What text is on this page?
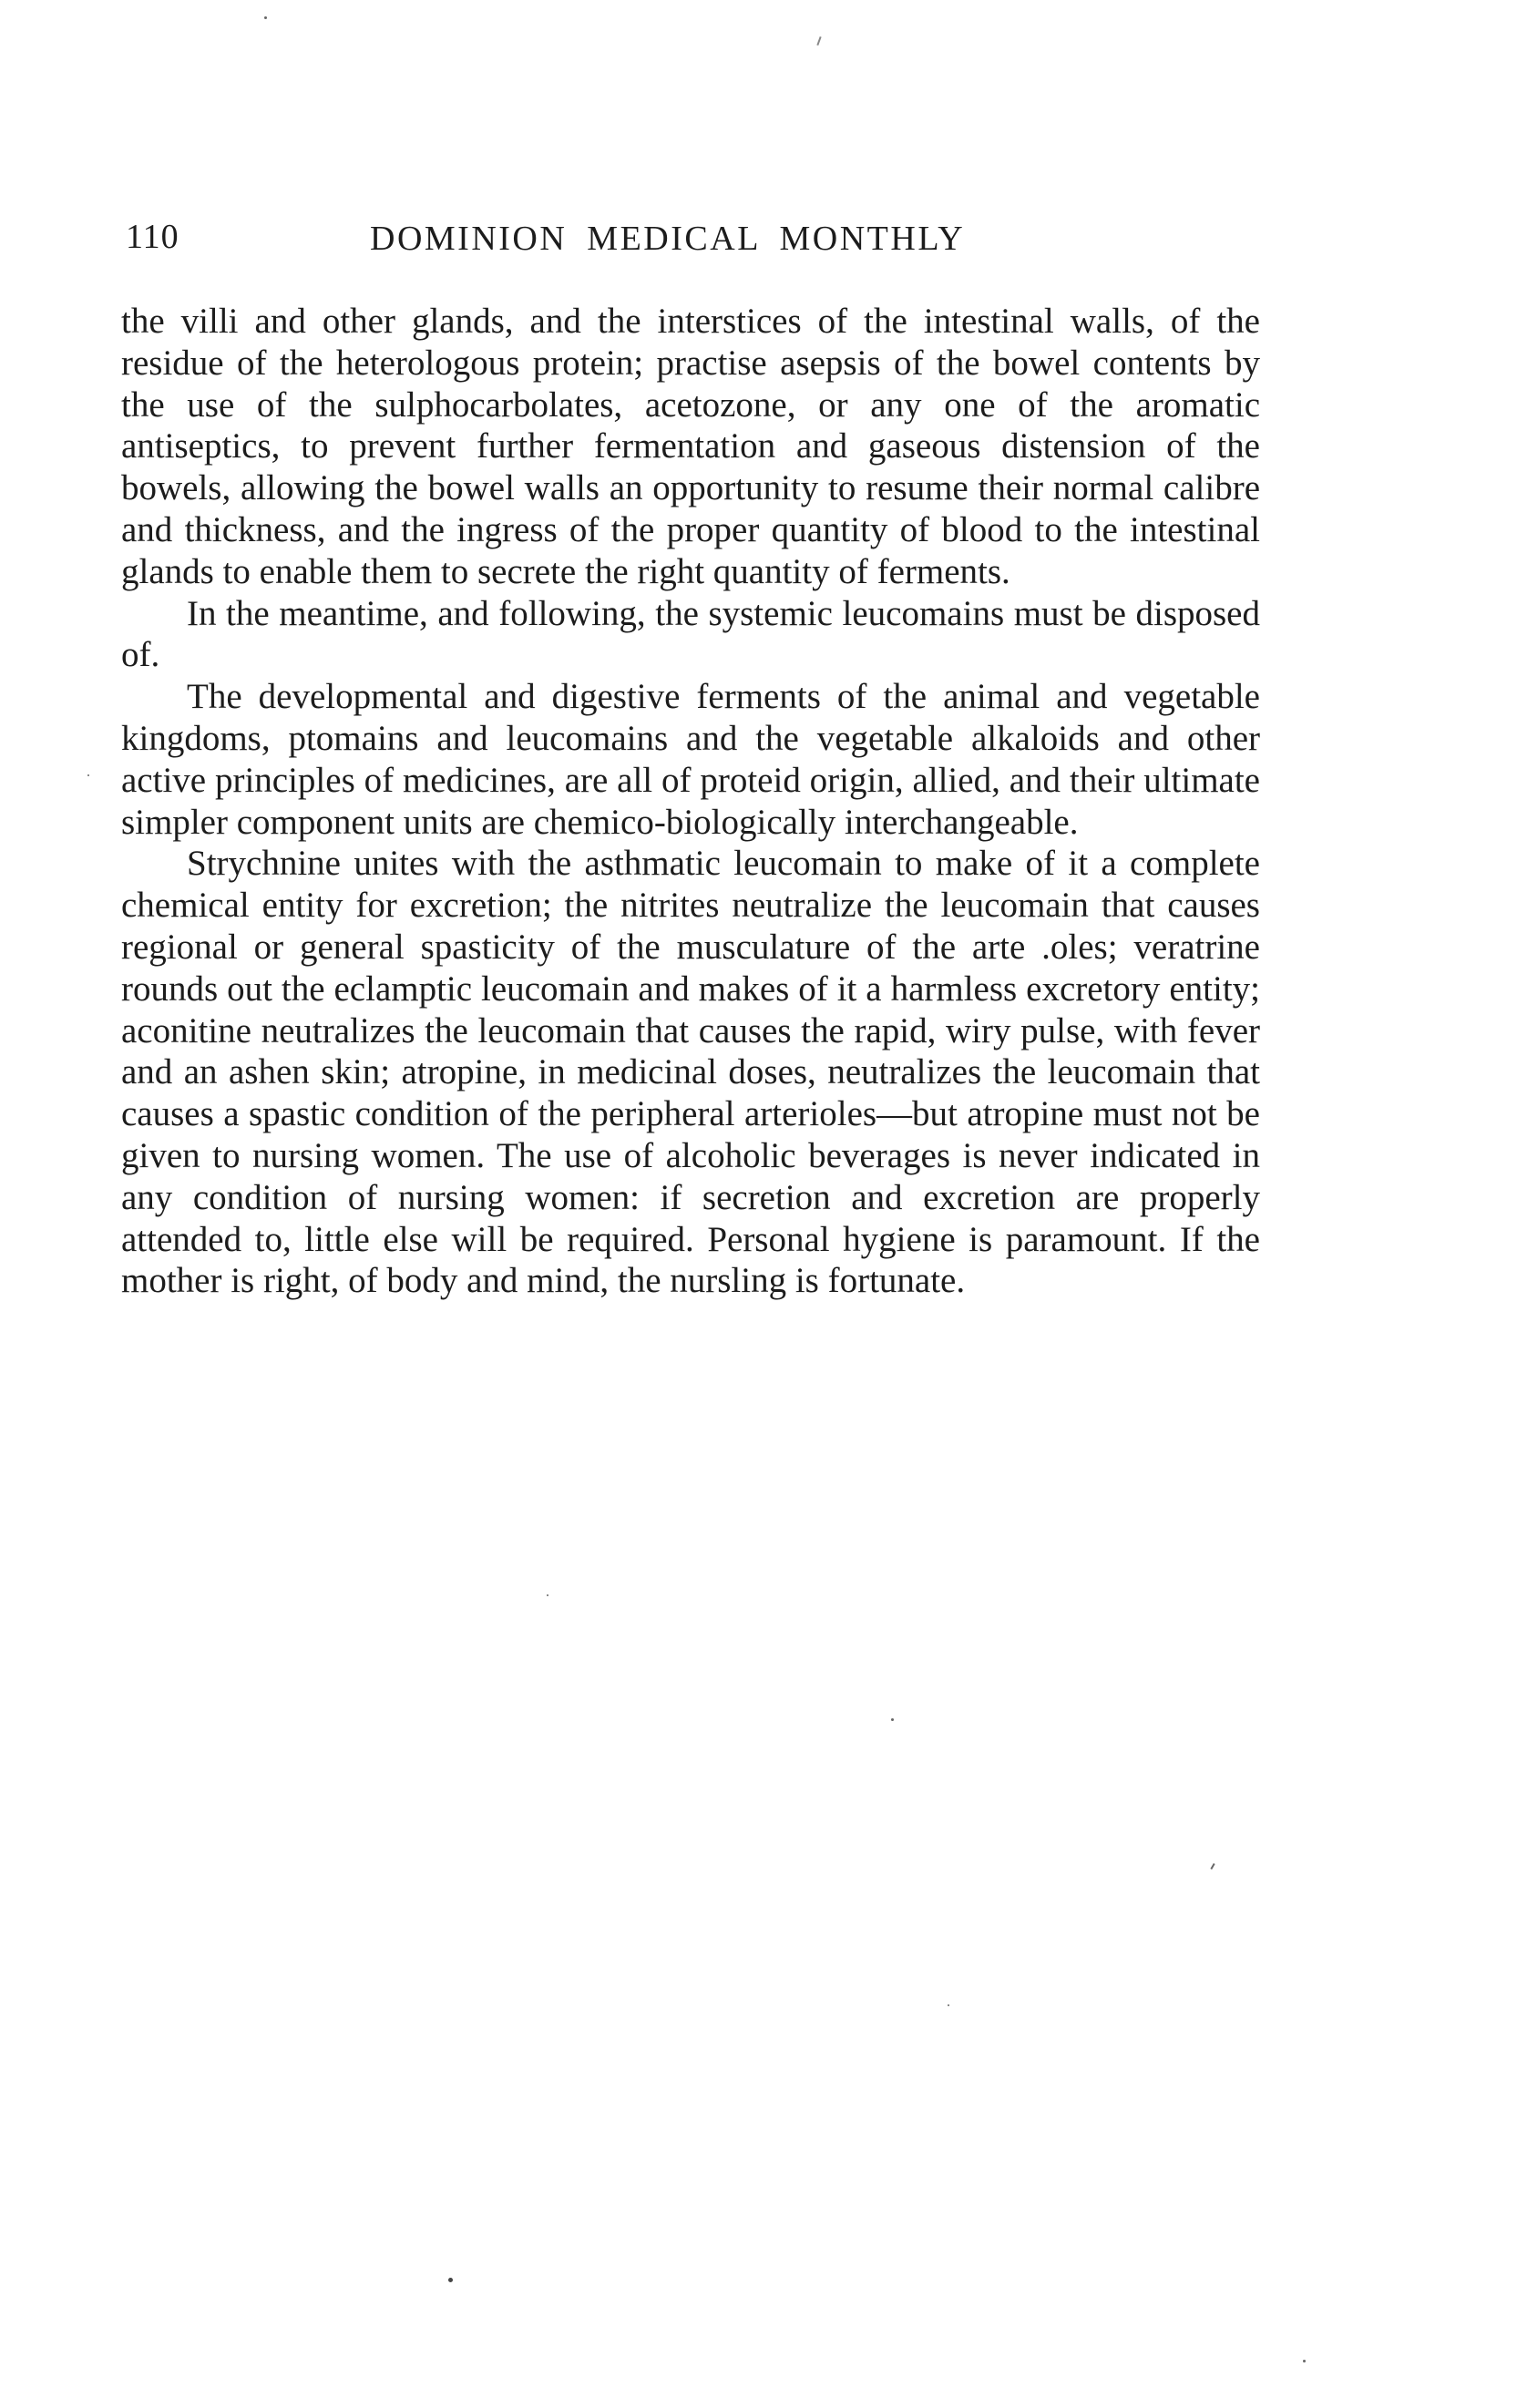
110	DOMINION MEDICAL MONTHLY

the villi and other glands, and the interstices of the intestinal walls, of the residue of the heterologous protein; practise asepsis of the bowel contents by the use of the sulphocarbolates, acetozone, or any one of the aromatic antiseptics, to prevent further fermentation and gaseous distension of the bowels, allowing the bowel walls an opportunity to resume their normal calibre and thickness, and the ingress of the proper quantity of blood to the intestinal glands to enable them to secrete the right quantity of ferments.

In the meantime, and following, the systemic leucomains must be disposed of.

The developmental and digestive ferments of the animal and vegetable kingdoms, ptomains and leucomains and the vegetable alkaloids and other active principles of medicines, are all of proteid origin, allied, and their ultimate simpler component units are chemico-biologically interchangeable.

Strychnine unites with the asthmatic leucomain to make of it a complete chemical entity for excretion; the nitrites neutralize the leucomain that causes regional or general spasticity of the musculature of the arte .oles; veratrine rounds out the eclamptic leucomain and makes of it a harmless excretory entity; aconitine neutralizes the leucomain that causes the rapid, wiry pulse, with fever and an ashen skin; atropine, in medicinal doses, neutralizes the leucomain that causes a spastic condition of the peripheral arterioles—but atropine must not be given to nursing women. The use of alcoholic beverages is never indicated in any condition of nursing women: if secretion and excretion are properly attended to, little else will be required. Personal hygiene is paramount. If the mother is right, of body and mind, the nursling is fortunate.
